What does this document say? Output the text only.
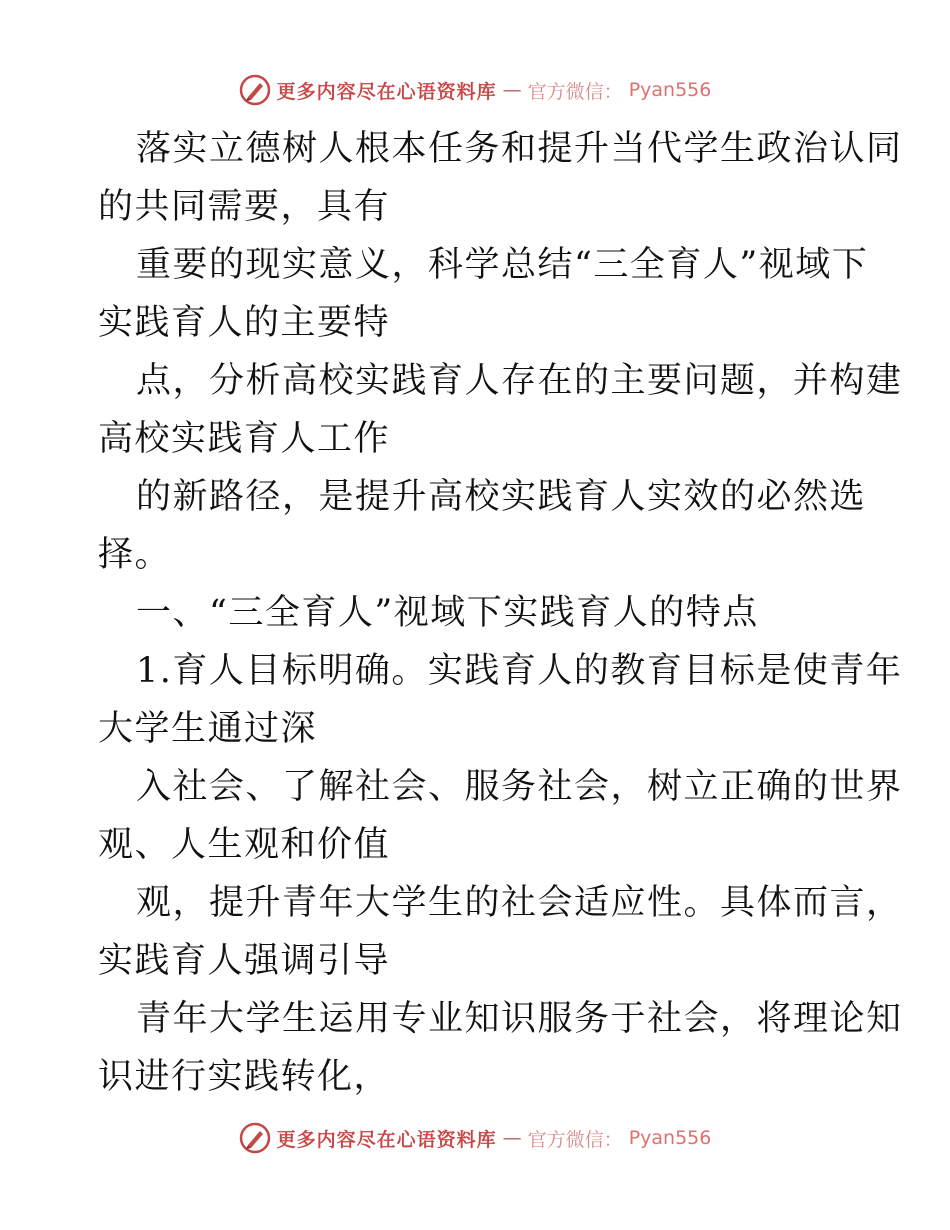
更多内容尽在心语资料库 — 官方微信： Pyan556
落实立德树人根本任务和提升当代学生政治认同
的共同需要，具有
重要的现实意义，科学总结“三全育人”视域下
实践育人的主要特
点，分析高校实践育人存在的主要问题，并构建
高校实践育人工作
的新路径，是提升高校实践育人实效的必然选
择。
一、“三全育人”视域下实践育人的特点
1.育人目标明确。实践育人的教育目标是使青年
大学生通过深
入社会、了解社会、服务社会，树立正确的世界
观、人生观和价值
观，提升青年大学生的社会适应性。具体而言，
实践育人强调引导
青年大学生运用专业知识服务于社会，将理论知
识进行实践转化，
更多内容尽在心语资料库 — 官方微信： Pyan556
